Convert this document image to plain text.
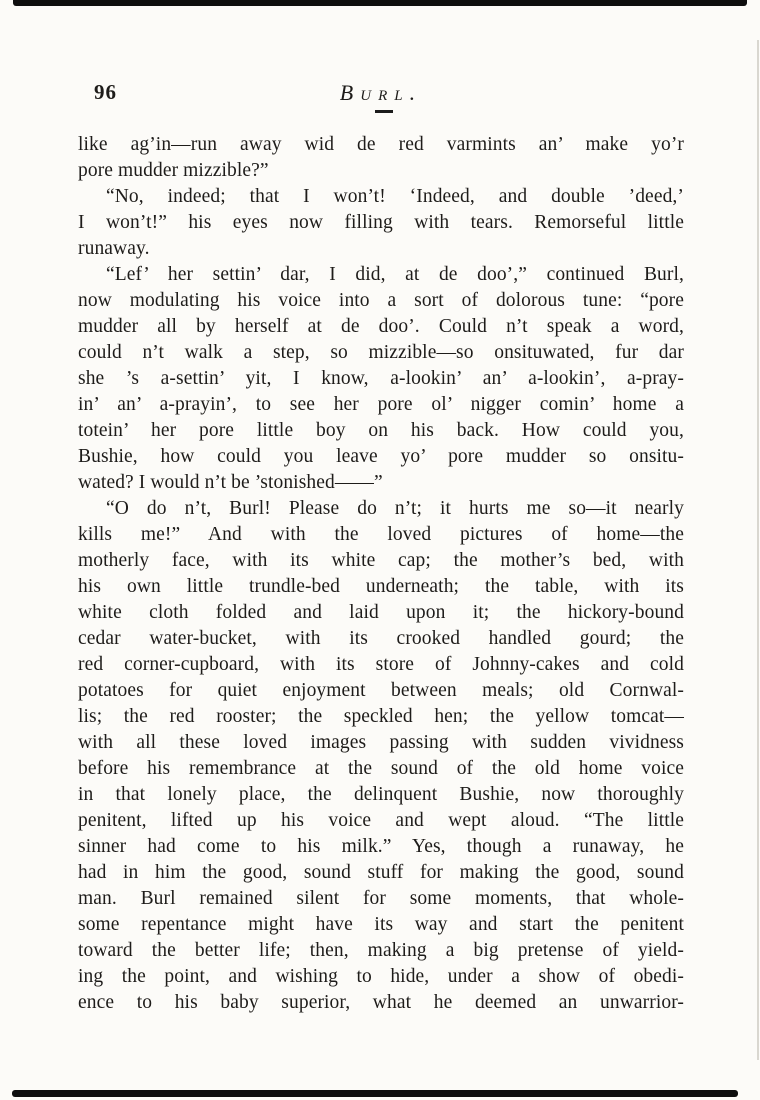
96	Burl.
like ag’in—run away wid de red varmints an’ make yo’r
pore mudder mizzible?”
“No, indeed; that I won’t! ‘Indeed, and double ’deed,’
I won’t!” his eyes now filling with tears. Remorseful little
runaway.
“Lef’ her settin’ dar, I did, at de doo’,” continued Burl,
now modulating his voice into a sort of dolorous tune: “pore
mudder all by herself at de doo’. Could n’t speak a word,
could n’t walk a step, so mizzible—so onsituwated, fur dar
she ’s a-settin’ yit, I know, a-lookin’ an’ a-lookin’, a-pray-
in’ an’ a-prayin’, to see her pore ol’ nigger comin’ home a
totein’ her pore little boy on his back. How could you,
Bushie, how could you leave yo’ pore mudder so onsitu-
wated? I would n’t be ’stonished——”
“O do n’t, Burl! Please do n’t; it hurts me so—it nearly
kills me!” And with the loved pictures of home—the
motherly face, with its white cap; the mother’s bed, with
his own little trundle-bed underneath; the table, with its
white cloth folded and laid upon it; the hickory-bound
cedar water-bucket, with its crooked handled gourd; the
red corner-cupboard, with its store of Johnny-cakes and cold
potatoes for quiet enjoyment between meals; old Cornwal-
lis; the red rooster; the speckled hen; the yellow tomcat—
with all these loved images passing with sudden vividness
before his remembrance at the sound of the old home voice
in that lonely place, the delinquent Bushie, now thoroughly
penitent, lifted up his voice and wept aloud. “The little
sinner had come to his milk.” Yes, though a runaway, he
had in him the good, sound stuff for making the good, sound
man. Burl remained silent for some moments, that whole-
some repentance might have its way and start the penitent
toward the better life; then, making a big pretense of yield-
ing the point, and wishing to hide, under a show of obedi-
ence to his baby superior, what he deemed an unwarrior-
